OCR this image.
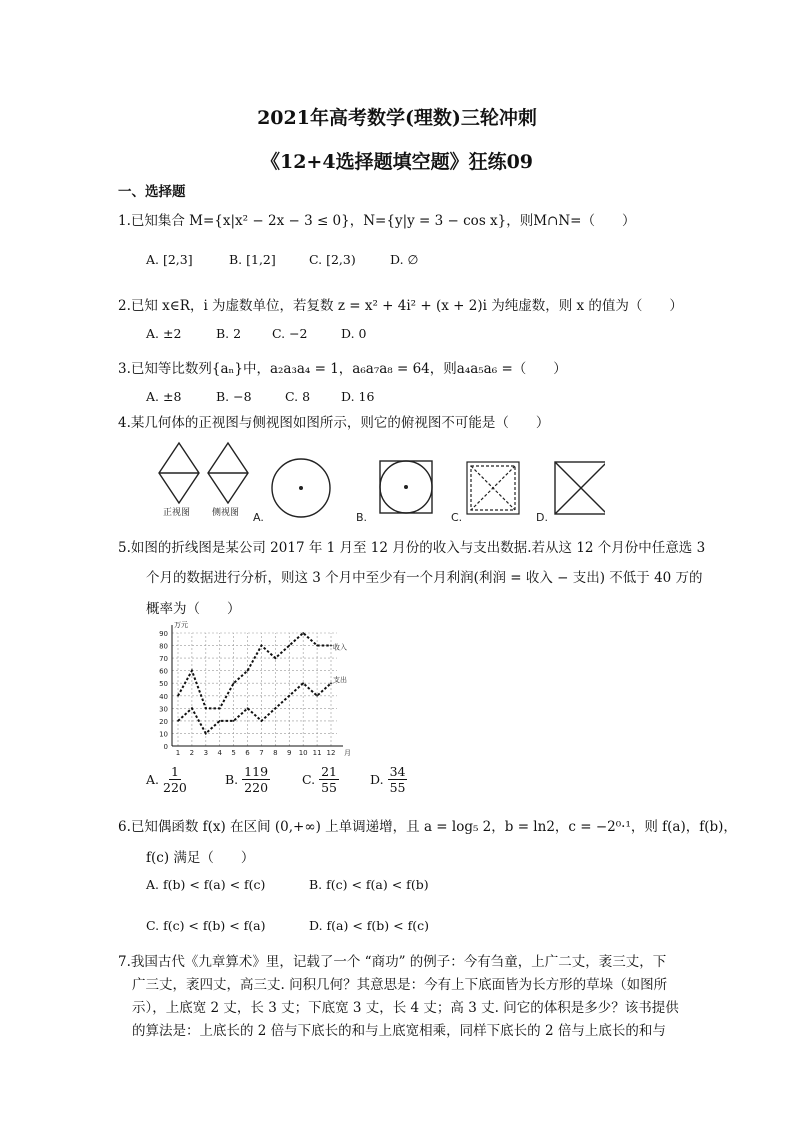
2021年高考数学(理数)三轮冲刺
《12+4选择题填空题》狂练09
一、选择题
1.已知集合 M={x|x² − 2x − 3 ≤ 0}，N={y|y = 3 − cos x}，则M∩N=（　　）
A. [2,3]	B. [1,2]	C. [2,3)	D. ∅
2.已知 x∈R，i 为虚数单位，若复数 z = x² + 4i² + (x + 2)i 为纯虚数，则 x 的值为（　　）
A. ±2	B. 2 C. −2	D. 0
3.已知等比数列{aₙ}中，a₂a₃a₄ = 1，a₆a₇a₈ = 64，则a₄a₅a₆ =（　　）
A. ±8	B. −8	C. 8 D. 16
4.某几何体的正视图与侧视图如图所示，则它的俯视图不可能是（　　）
正视图 侧视图 A.	B.	C.	D.
5.如图的折线图是某公司 2017 年 1 月至 12 月份的收入与支出数据.若从这 12 个月份中任意选 3
个月的数据进行分析，则这 3 个月中至少有一个月利润(利润 = 收入 − 支出) 不低于 40 万的
概率为（　　）
0
10
20
30
40
50
60
70
80
90
1 2 3 4 5 6 7 8 9 10 11 12
万元
月
收入
支出
A. $\frac{1}{220}$	B. $\frac{119}{220}$	C. $\frac{21}{55} D$. $\frac{34}{55}$
6.已知偶函数 f(x) 在区间 (0,+∞) 上单调递增，且 a = log₅ 2，b = ln2，c = −2⁰·¹，则 f(a)，f(b)，
f(c) 满足（　　）
A. f(b) < f(a) < f(c)	B. f(c) < f(a) < f(b)
C. f(c) < f(b) < f(a)	D. f(a) < f(b) < f(c)
7.我国古代《九章算术》里，记载了一个 “商功” 的例子：今有刍童，上广二丈，袤三丈，下
广三丈，袤四丈，高三丈. 问积几何？其意思是：今有上下底面皆为长方形的草垛（如图所
示），上底宽 2 丈，长 3 丈；下底宽 3 丈，长 4 丈；高 3 丈. 问它的体积是多少？该书提供
的算法是：上底长的 2 倍与下底长的和与上底宽相乘，同样下底长的 2 倍与上底长的和与
